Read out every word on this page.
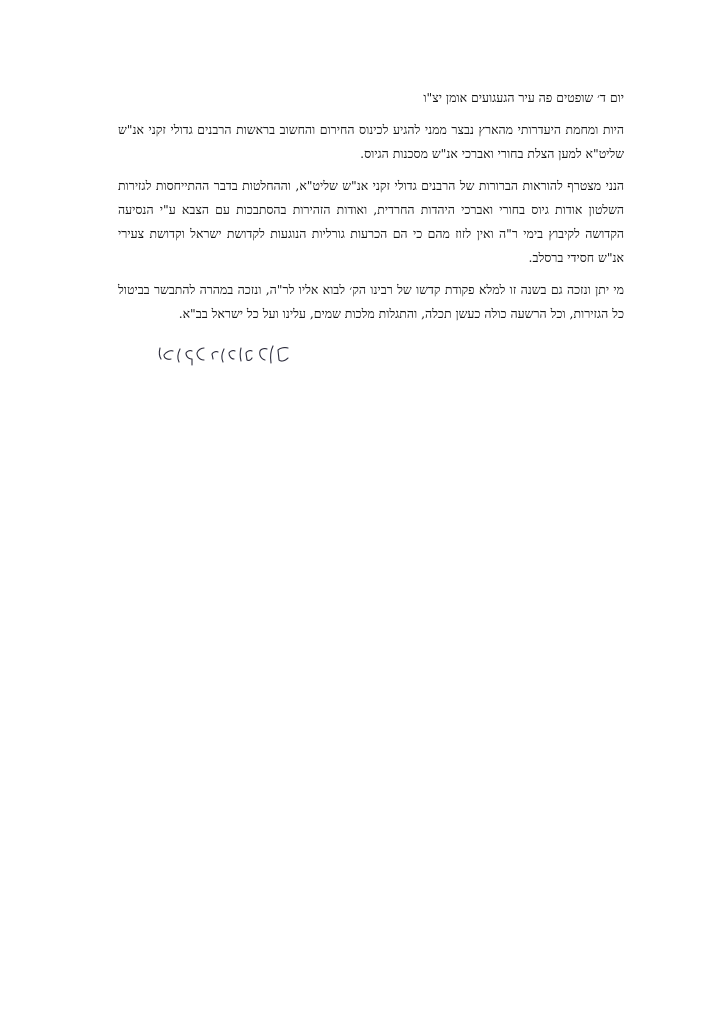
יום ד׳ שופטים פה עיר הגעגועים אומן יצ"ו

היות ומחמת היעדרותי מהארץ נבצר ממני להגיע לכינוס החירום והחשוב בראשות הרבנים גדולי זקני אנ"ש שליט"א למען הצלת בחורי ואברכי אנ"ש מסכנות הגיוס.

הנני מצטרף להוראות הברורות של הרבנים גדולי זקני אנ"ש שליט"א, וההחלטות בדבר ההתייחסות לגזירות השלטון אודות גיוס בחורי ואברכי היהדות החרדית, ואודות הזהירות בהסתבכות עם הצבא ע"י הנסיעה הקדושה לקיבוץ בימי ר"ה ואין לזוז מהם כי הם הכרעות גורליות הנוגעות לקדושת ישראל וקדושת צעירי אנ"ש חסידי ברסלב.

מי יתן ונזכה גם בשנה זו למלא פקודת קדשו של רבינו הק׳ לבוא אליו לר"ה, ונזכה במהרה להתבשר בביטול כל הגזירות, וכל הרשעה כולה כעשן תכלה, והתגלות מלכות שמים, עלינו ועל כל ישראל בב"א.
